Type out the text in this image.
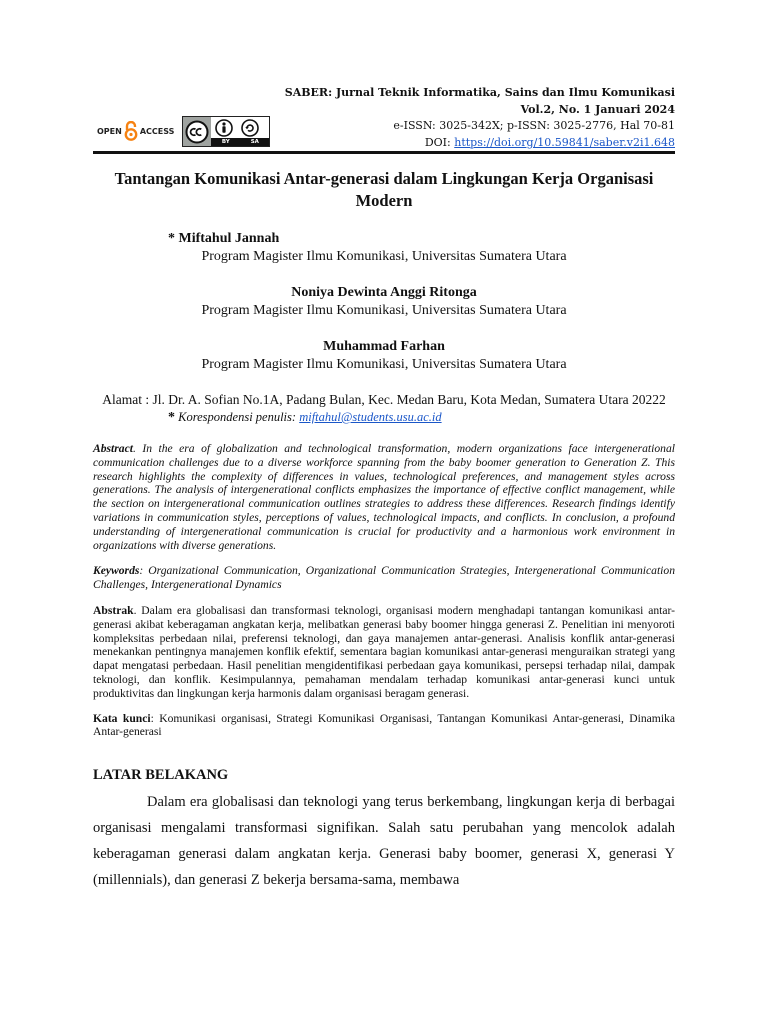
OPEN ACCESS
BY	SA
SABER: Jurnal Teknik Informatika, Sains dan Ilmu Komunikasi
Vol.2, No. 1 Januari 2024
e-ISSN: 3025-342X; p-ISSN: 3025-2776, Hal 70-81
DOI: https://doi.org/10.59841/saber.v2i1.648
Tantangan Komunikasi Antar-generasi dalam Lingkungan Kerja Organisasi Modern
* Miftahul Jannah
Program Magister Ilmu Komunikasi, Universitas Sumatera Utara
Noniya Dewinta Anggi Ritonga
Program Magister Ilmu Komunikasi, Universitas Sumatera Utara
Muhammad Farhan
Program Magister Ilmu Komunikasi, Universitas Sumatera Utara
Alamat : Jl. Dr. A. Sofian No.1A, Padang Bulan, Kec. Medan Baru, Kota Medan, Sumatera Utara 20222
* Korespondensi penulis: miftahul@students.usu.ac.id
Abstract. In the era of globalization and technological transformation, modern organizations face intergenerational communication challenges due to a diverse workforce spanning from the baby boomer generation to Generation Z. This research highlights the complexity of differences in values, technological preferences, and management styles across generations. The analysis of intergenerational conflicts emphasizes the importance of effective conflict management, while the section on intergenerational communication outlines strategies to address these differences. Research findings identify variations in communication styles, perceptions of values, technological impacts, and conflicts. In conclusion, a profound understanding of intergenerational communication is crucial for productivity and a harmonious work environment in organizations with diverse generations.
Keywords: Organizational Communication, Organizational Communication Strategies, Intergenerational Communication Challenges, Intergenerational Dynamics
Abstrak. Dalam era globalisasi dan transformasi teknologi, organisasi modern menghadapi tantangan komunikasi antar-generasi akibat keberagaman angkatan kerja, melibatkan generasi baby boomer hingga generasi Z. Penelitian ini menyoroti kompleksitas perbedaan nilai, preferensi teknologi, dan gaya manajemen antar-generasi. Analisis konflik antar-generasi menekankan pentingnya manajemen konflik efektif, sementara bagian komunikasi antar-generasi menguraikan strategi yang dapat mengatasi perbedaan. Hasil penelitian mengidentifikasi perbedaan gaya komunikasi, persepsi terhadap nilai, dampak teknologi, dan konflik. Kesimpulannya, pemahaman mendalam terhadap komunikasi antar-generasi kunci untuk produktivitas dan lingkungan kerja harmonis dalam organisasi beragam generasi.
Kata kunci: Komunikasi organisasi, Strategi Komunikasi Organisasi, Tantangan Komunikasi Antar-generasi, Dinamika Antar-generasi
LATAR BELAKANG
Dalam era globalisasi dan teknologi yang terus berkembang, lingkungan kerja di berbagai organisasi mengalami transformasi signifikan. Salah satu perubahan yang mencolok adalah keberagaman generasi dalam angkatan kerja. Generasi baby boomer, generasi X, generasi Y (millennials), dan generasi Z bekerja bersama-sama, membawa
